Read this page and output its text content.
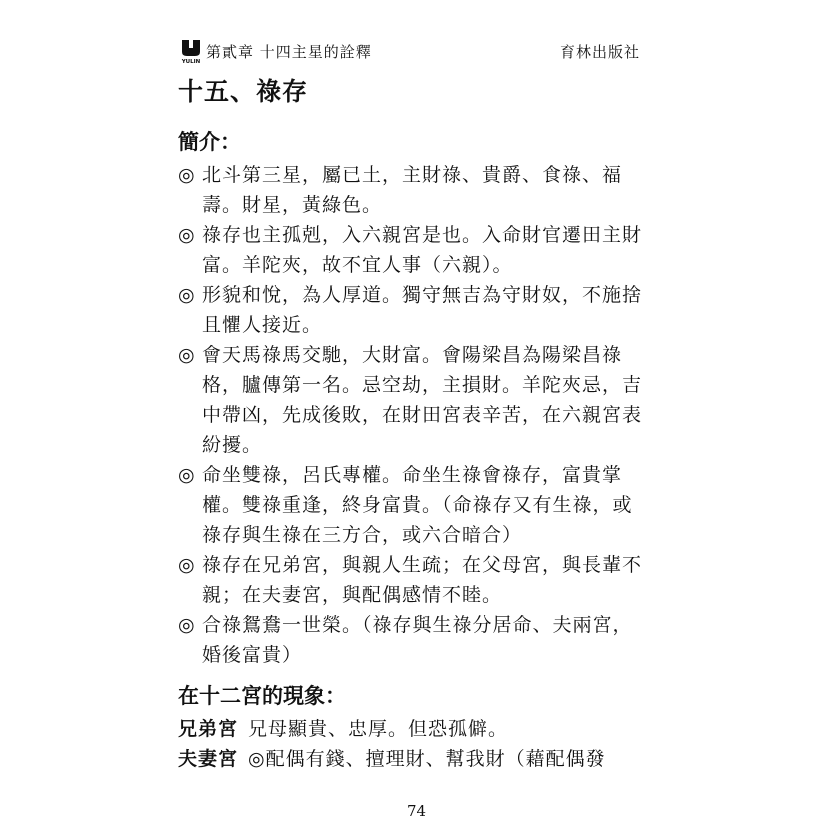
YULIN
第貳章 十四主星的詮釋	育林出版社
十五、祿存
簡介：
◎ 北斗第三星，屬已土，主財祿、貴爵、食祿、福壽。財星，黃綠色。
◎ 祿存也主孤剋，入六親宮是也。入命財官遷田主財富。羊陀夾，故不宜人事（六親）。
◎ 形貌和悅，為人厚道。獨守無吉為守財奴，不施捨且懼人接近。
◎ 會天馬祿馬交馳，大財富。會陽梁昌為陽梁昌祿格，臚傳第一名。忌空劫，主損財。羊陀夾忌，吉中帶凶，先成後敗，在財田宮表辛苦，在六親宮表紛擾。
◎ 命坐雙祿，呂氏專權。命坐生祿會祿存，富貴掌權。雙祿重逢，終身富貴。（命祿存又有生祿，或祿存與生祿在三方合，或六合暗合）
◎ 祿存在兄弟宮，與親人生疏；在父母宮，與長輩不親；在夫妻宮，與配偶感情不睦。
◎ 合祿鴛鴦一世榮。（祿存與生祿分居命、夫兩宮，婚後富貴）
在十二宮的現象：
兄弟宮 兄母顯貴、忠厚。但恐孤僻。
夫妻宮 ◎配偶有錢、擅理財、幫我財（藉配偶發
74
